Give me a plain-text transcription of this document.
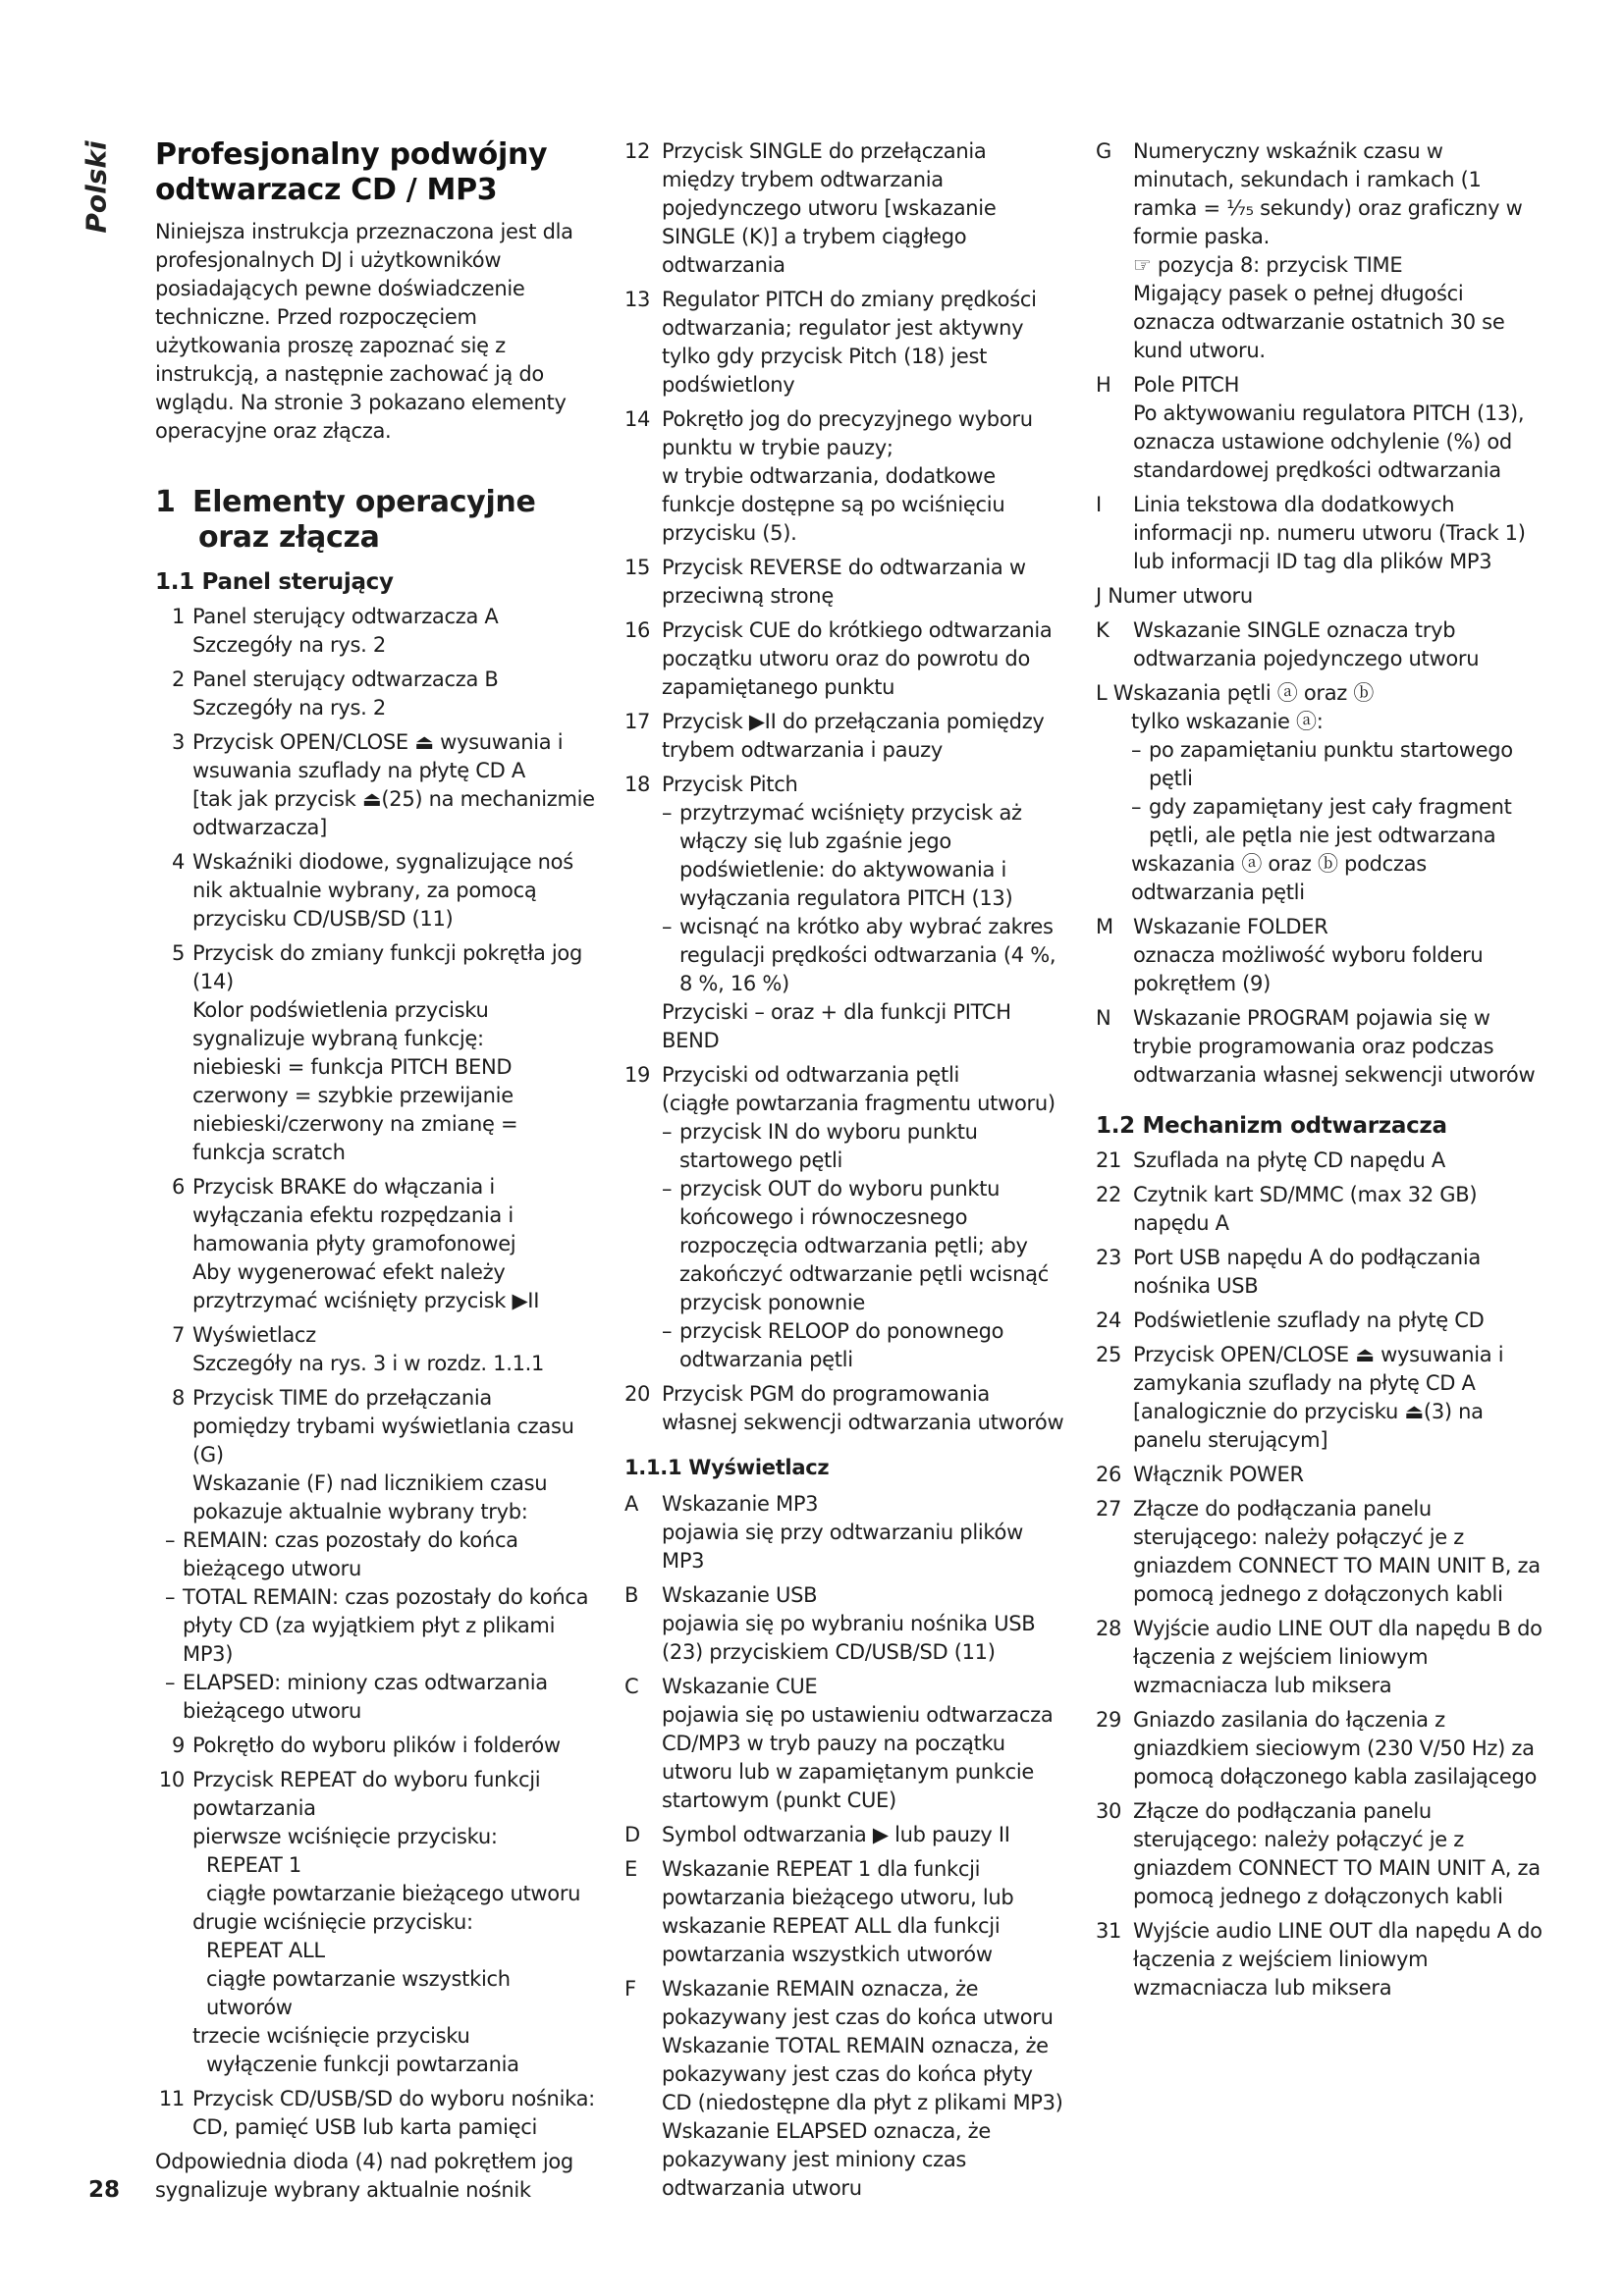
Polski Profesjonalny podwójny
odtwarzacz CD / MP3

Niniejsza instrukcja przeznaczona jest dla profesjonalnych DJ i użytkowników posiadających pewne doświadczenie techniczne. Przed rozpoczęciem użytkowania proszę zapoznać się z instrukcją, a następnie zachować ją do wglądu. Na stronie 3 pokazano elementy operacyjne oraz złącza.

1 Elementy operacyjne
oraz złącza
1.1 Panel sterujący
1 Panel sterujący odtwarzacza A
Szczegóły na rys. 2
2 Panel sterujący odtwarzacza B
Szczegóły na rys. 2
3 Przycisk OPEN/CLOSE ⏏ wysuwania i wsuwania szuflady na płytę CD A
[tak jak przycisk ⏏(25) na mechanizmie odtwarzacza]
4 Wskaźniki diodowe, sygnalizujące noś nik aktualnie wybrany, za pomocą przycisku CD/USB/SD (11)
5 Przycisk do zmiany funkcji pokrętła jog (14)
Kolor podświetlenia przycisku sygnalizuje wybraną funkcję:
niebieski = funkcja PITCH BEND
czerwony = szybkie przewijanie
niebieski/czerwony na zmianę = funkcja scratch
6 Przycisk BRAKE do włączania i wyłączania efektu rozpędzania i hamowania płyty gramofonowej
Aby wygenerować efekt należy przytrzymać wciśnięty przycisk ▶II
7 Wyświetlacz
Szczegóły na rys. 3 i w rozdz. 1.1.1
8 Przycisk TIME do przełączania pomiędzy trybami wyświetlania czasu (G)
Wskazanie (F) nad licznikiem czasu pokazuje aktualnie wybrany tryb:
– REMAIN: czas pozostały do końca bieżącego utworu
– TOTAL REMAIN: czas pozostały do końca płyty CD (za wyjątkiem płyt z plikami MP3)
– ELAPSED: miniony czas odtwarzania bieżącego utworu
9 Pokrętło do wyboru plików i folderów
10 Przycisk REPEAT do wyboru funkcji powtarzania
pierwsze wciśnięcie przycisku:
REPEAT 1
ciągłe powtarzanie bieżącego utworu
drugie wciśnięcie przycisku:
REPEAT ALL
ciągłe powtarzanie wszystkich utworów
trzecie wciśnięcie przycisku
wyłączenie funkcji powtarzania
11 Przycisk CD/USB/SD do wyboru nośnika: CD, pamięć USB lub karta pamięci
Odpowiednia dioda (4) nad pokrętłem jog sygnalizuje wybrany aktualnie nośnik
12 Przycisk SINGLE do przełączania między trybem odtwarzania pojedynczego utworu [wskazanie SINGLE (K)] a trybem ciągłego odtwarzania
13 Regulator PITCH do zmiany prędkości odtwarzania; regulator jest aktywny tylko gdy przycisk Pitch (18) jest podświetlony
14 Pokrętło jog do precyzyjnego wyboru punktu w trybie pauzy;
w trybie odtwarzania, dodatkowe funkcje dostępne są po wciśnięciu przycisku (5).
15 Przycisk REVERSE do odtwarzania w przeciwną stronę
16 Przycisk CUE do krótkiego odtwarzania początku utworu oraz do powrotu do zapamiętanego punktu
17 Przycisk ▶II do przełączania pomiędzy trybem odtwarzania i pauzy
18 Przycisk Pitch
– przytrzymać wciśnięty przycisk aż włączy się lub zgaśnie jego podświetlenie: do aktywowania i wyłączania regulatora PITCH (13)
– wcisnąć na krótko aby wybrać zakres regulacji prędkości odtwarzania (4 %, 8 %, 16 %)
Przyciski – oraz + dla funkcji PITCH BEND
19 Przyciski od odtwarzania pętli
(ciągłe powtarzania fragmentu utworu)
– przycisk IN do wyboru punktu startowego pętli
– przycisk OUT do wyboru punktu końcowego i równoczesnego rozpoczęcia odtwarzania pętli; aby zakończyć odtwarzanie pętli wcisnąć przycisk ponownie
– przycisk RELOOP do ponownego odtwarzania pętli
20 Przycisk PGM do programowania własnej sekwencji odtwarzania utworów
1.1.1 Wyświetlacz
A	Wskazanie MP3
pojawia się przy odtwarzaniu plików MP3
B	Wskazanie USB
pojawia się po wybraniu nośnika USB (23) przyciskiem CD/USB/SD (11)
C	Wskazanie CUE
pojawia się po ustawieniu odtwarzacza CD/MP3 w tryb pauzy na początku utworu lub w zapamiętanym punkcie startowym (punkt CUE)
D	Symbol odtwarzania ▶ lub pauzy II
E	Wskazanie REPEAT 1 dla funkcji powtarzania bieżącego utworu, lub wskazanie REPEAT ALL dla funkcji powtarzania wszystkich utworów
F	Wskazanie REMAIN oznacza, że pokazywany jest czas do końca utworu
Wskazanie TOTAL REMAIN oznacza, że pokazywany jest czas do końca płyty CD (niedostępne dla płyt z plikami MP3)
Wskazanie ELAPSED oznacza, że pokazywany jest miniony czas odtwarzania utworu
G	Numeryczny wskaźnik czasu w minutach, sekundach i ramkach (1 ramka = ¹⁄₇₅ sekundy) oraz graficzny w formie paska.
☞ pozycja 8: przycisk TIME
Migający pasek o pełnej długości oznacza odtwarzanie ostatnich 30 se kund utworu.
H	Pole PITCH
Po aktywowaniu regulatora PITCH (13), oznacza ustawione odchylenie (%) od standardowej prędkości odtwarzania
I	Linia tekstowa dla dodatkowych informacji np. numeru utworu (Track 1) lub informacji ID tag dla plików MP3
J Numer utworu
K	Wskazanie SINGLE oznacza tryb odtwarzania pojedynczego utworu
L Wskazania pętli ⓐ oraz ⓑ
tylko wskazanie ⓐ:
– po zapamiętaniu punktu startowego pętli
– gdy zapamiętany jest cały fragment pętli, ale pętla nie jest odtwarzana
wskazania ⓐ oraz ⓑ podczas odtwarzania pętli
M Wskazanie FOLDER
oznacza możliwość wyboru folderu pokrętłem (9)
N	Wskazanie PROGRAM pojawia się w trybie programowania oraz podczas odtwarzania własnej sekwencji utworów
1.2 Mechanizm odtwarzacza
21 Szuflada na płytę CD napędu A
22 Czytnik kart SD/MMC (max 32 GB) napędu A
23 Port USB napędu A do podłączania nośnika USB
24 Podświetlenie szuflady na płytę CD
25 Przycisk OPEN/CLOSE ⏏ wysuwania i zamykania szuflady na płytę CD A
[analogicznie do przycisku ⏏(3) na panelu sterującym]
26 Włącznik POWER
27 Złącze do podłączania panelu sterującego: należy połączyć je z gniazdem CONNECT TO MAIN UNIT B, za pomocą jednego z dołączonych kabli
28 Wyjście audio LINE OUT dla napędu B do łączenia z wejściem liniowym wzmacniacza lub miksera
29 Gniazdo zasilania do łączenia z gniazdkiem sieciowym (230 V/50 Hz) za pomocą dołączonego kabla zasilającego
30 Złącze do podłączania panelu sterującego: należy połączyć je z gniazdem CONNECT TO MAIN UNIT A, za pomocą jednego z dołączonych kabli
31 Wyjście audio LINE OUT dla napędu A do łączenia z wejściem liniowym wzmacniacza lub miksera
28
